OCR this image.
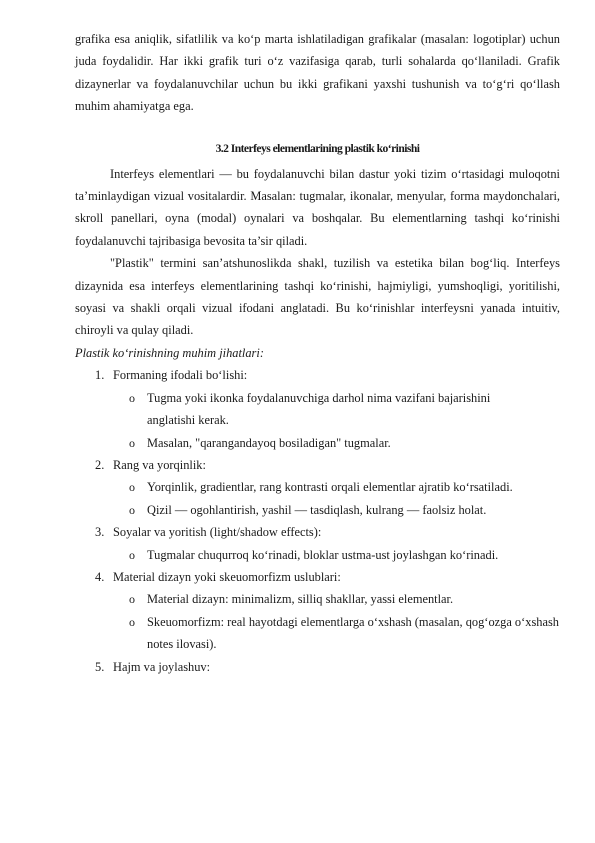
grafika esa aniqlik, sifatlilik va ko‘p marta ishlatiladigan grafikalar (masalan: logotiplar) uchun juda foydalidir. Har ikki grafik turi o‘z vazifasiga qarab, turli sohalarda qo‘llaniladi. Grafik dizaynerlar va foydalanuvchilar uchun bu ikki grafikani yaxshi tushunish va to‘g‘ri qo‘llash muhim ahamiyatga ega.

3.2 Interfeys elementlarining plastik ko‘rinishi

Interfeys elementlari — bu foydalanuvchi bilan dastur yoki tizim o‘rtasidagi muloqotni ta’minlaydigan vizual vositalardir. Masalan: tugmalar, ikonalar, menyular, forma maydonchalari, skroll panellari, oyna (modal) oynalari va boshqalar. Bu elementlarning tashqi ko‘rinishi foydalanuvchi tajribasiga bevosita ta’sir qiladi.

"Plastik" termini san’atshunoslikda shakl, tuzilish va estetika bilan bog‘liq. Interfeys dizaynida esa interfeys elementlarining tashqi ko‘rinishi, hajmiyligi, yumshoqligi, yoritilishi, soyasi va shakli orqali vizual ifodani anglatadi. Bu ko‘rinishlar interfeysni yanada intuitiv, chiroyli va qulay qiladi.

Plastik ko‘rinishning muhim jihatlari:
1. Formaning ifodali bo‘lishi:
o Tugma yoki ikonka foydalanuvchiga darhol nima vazifani bajarishini anglatishi kerak.
o Masalan, "qarangandayoq bosiladigan" tugmalar.
2. Rang va yorqinlik:
o Yorqinlik, gradientlar, rang kontrasti orqali elementlar ajratib ko‘rsatiladi.
o Qizil — ogohlantirish, yashil — tasdiqlash, kulrang — faolsiz holat.
3. Soyalar va yoritish (light/shadow effects):
o Tugmalar chuqurroq ko‘rinadi, bloklar ustma-ust joylashgan ko‘rinadi.
4. Material dizayn yoki skeuomorfizm uslublari:
o Material dizayn: minimalizm, silliq shakllar, yassi elementlar.
o Skeuomorfizm: real hayotdagi elementlarga o‘xshash (masalan, qog‘ozga o‘xshash notes ilovasi).
5. Hajm va joylashuv:
